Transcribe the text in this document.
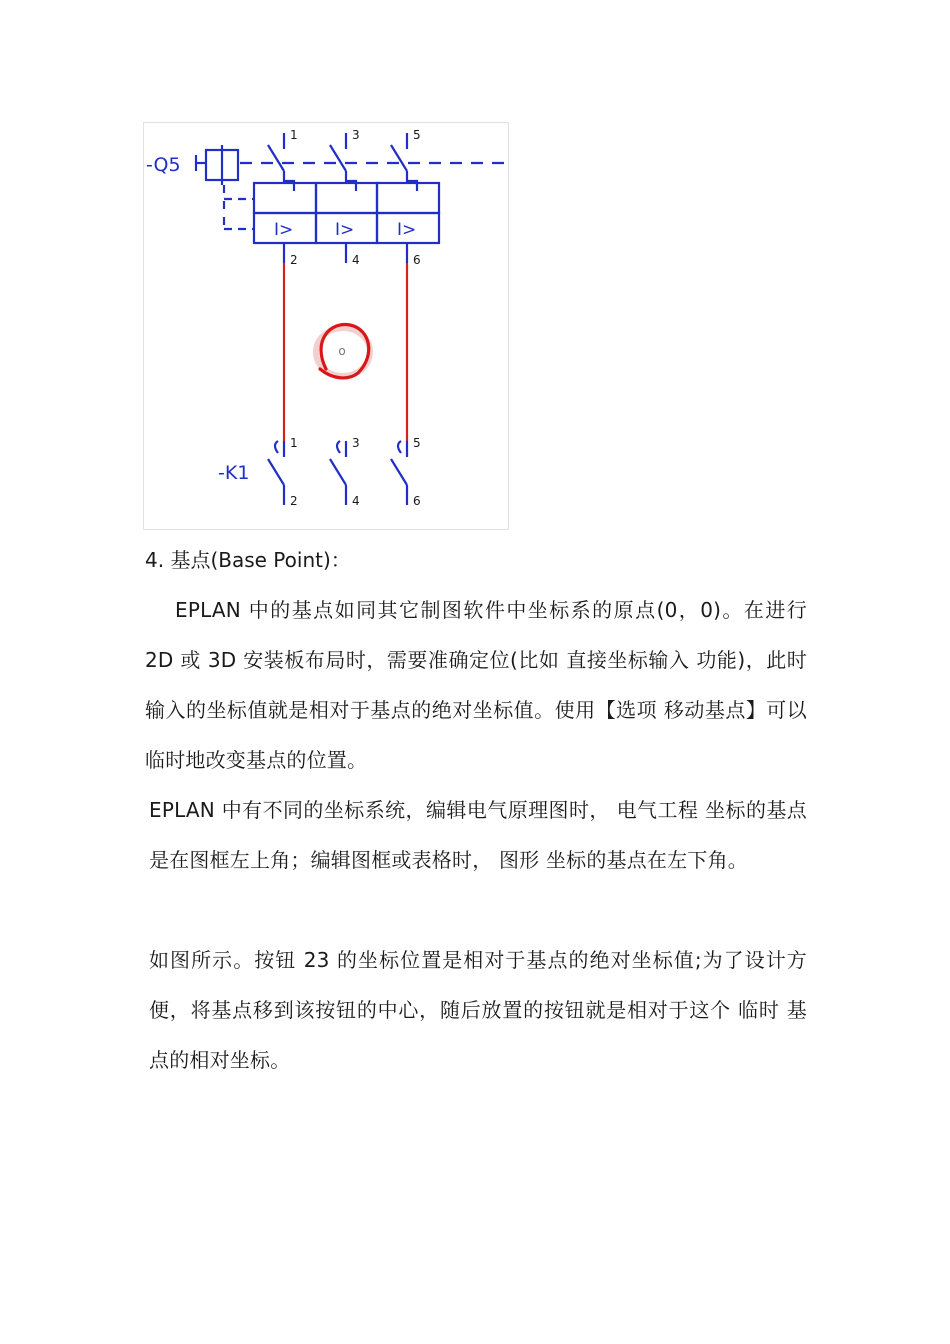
o
-Q5
-K1
1	3	5
2	4	6
1	3	5
2	4	6
I> I>	I>

4. 基点(Base Point)：

EPLAN 中的基点如同其它制图软件中坐标系的原点(0，0)。在进行 2D 或 3D 安装板布局时，需要准确定位(比如 直接坐标输入 功能)，此时输入的坐标值就是相对于基点的绝对坐标值。使用【选项 移动基点】可以临时地改变基点的位置。

EPLAN 中有不同的坐标系统，编辑电气原理图时， 电气工程 坐标的基点是在图框左上角；编辑图框或表格时， 图形 坐标的基点在左下角。

如图所示。按钮 23 的坐标位置是相对于基点的绝对坐标值;为了设计方便，将基点移到该按钮的中心，随后放置的按钮就是相对于这个 临时 基点的相对坐标。
